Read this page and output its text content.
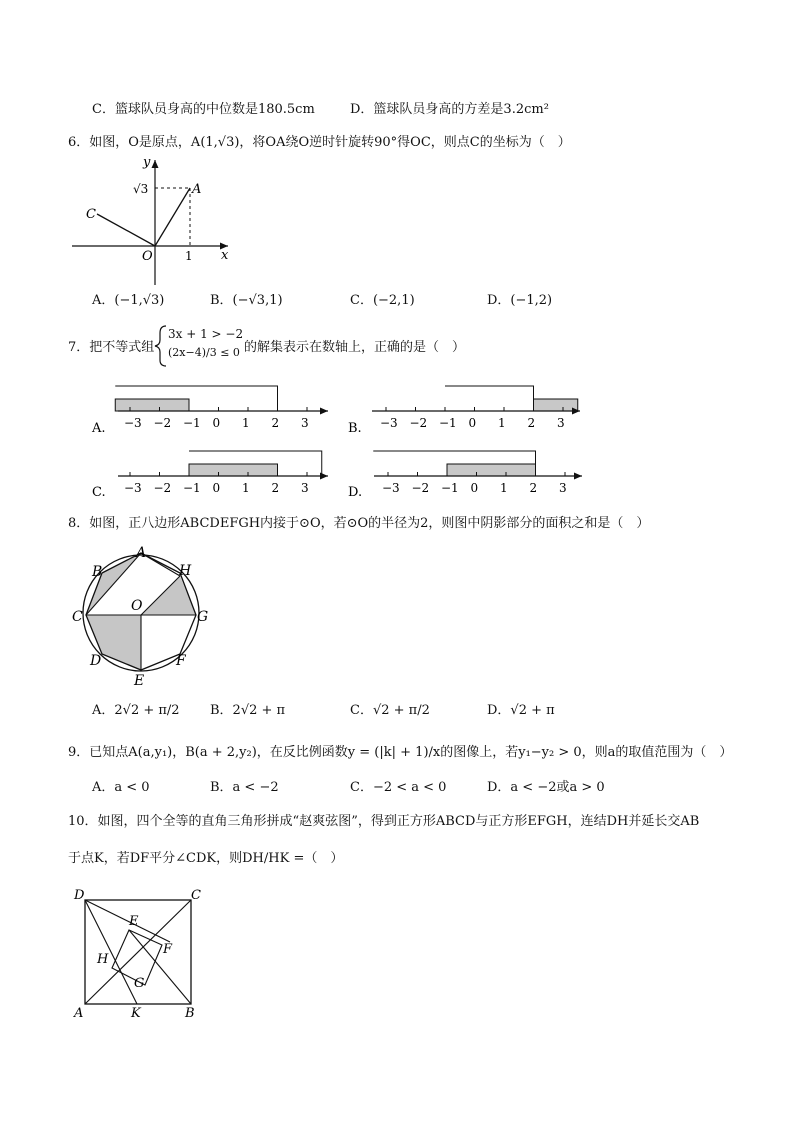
C．篮球队员身高的中位数是180.5cm	D．篮球队员身高的方差是3.2cm²
6．如图，O是原点，A(1,√3)，将OA绕O逆时针旋转90°得OC，则点C的坐标为（　）
y
x
O
A
C
1
√3
A．(−1,√3)	B．(−√3,1)	C．(−2,1)	D．(−1,2)
7．把不等式组
3x + 1 > −2
(2x−4)/3 ≤ 0 的解集表示在数轴上，正确的是（　）
−3 −2 −1 0 1 2 3
A.	−3 −2 −1 0 1 2 3
B.
−3 −2 −1 0 1 2 3
C.	−3 −2 −1 0 1 2 3
D.
8．如图，正八边形ABCDEFGH内接于⊙O，若⊙O的半径为2，则图中阴影部分的面积之和是（　）
A
B
C
D
E
F
G
H
O
A．2√2 + π/2 B．2√2 + π	C．√2 + π/2	D．√2 + π
9．已知点A(a,y₁)，B(a + 2,y₂)，在反比例函数y = (|k| + 1)/x的图像上，若y₁−y₂ > 0，则a的取值范围为（　）
A．a < 0	B．a < −2	C．−2 < a < 0	D．a < −2或a > 0
10．如图，四个全等的直角三角形拼成“赵爽弦图”，得到正方形ABCD与正方形EFGH，连结DH并延长交AB
于点K，若DF平分∠CDK，则DH/HK =（　）
D	C
A	B
E
F
G
H
K
